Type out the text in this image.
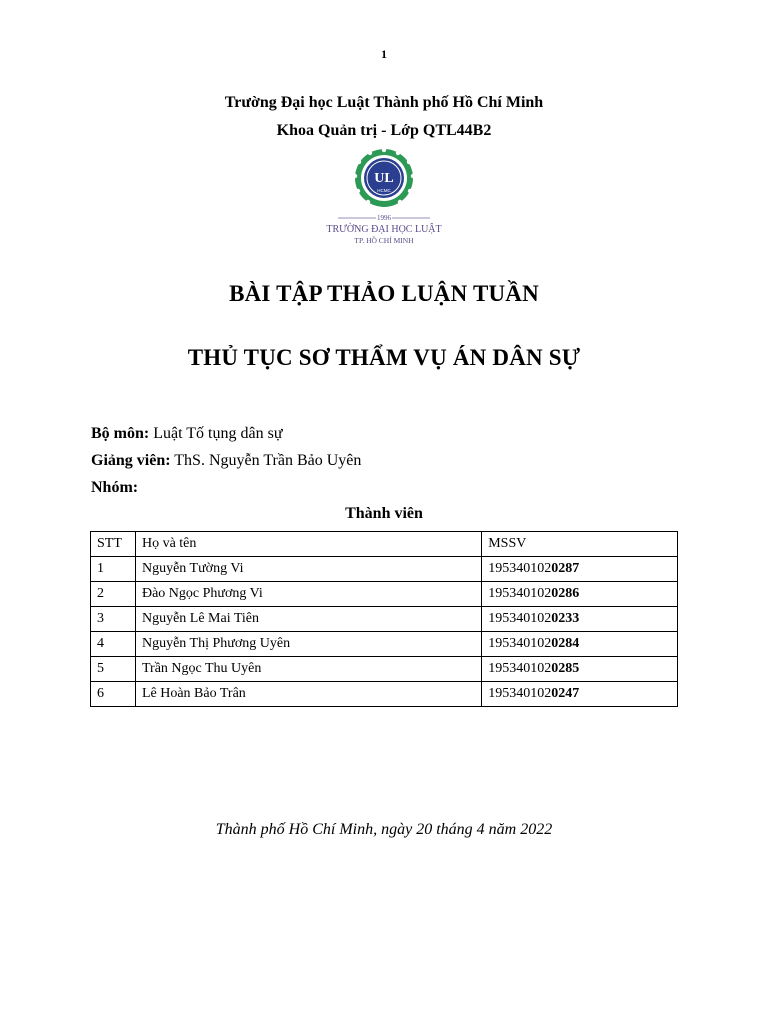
1
Trường Đại học Luật Thành phố Hồ Chí Minh
Khoa Quản trị - Lớp QTL44B2
UL
HCMC
1996
TRƯỜNG ĐẠI HỌC LUẬT
TP. HỒ CHÍ MINH
BÀI TẬP THẢO LUẬN TUẦN
THỦ TỤC SƠ THẨM VỤ ÁN DÂN SỰ
Bộ môn: Luật Tố tụng dân sự
Giảng viên: ThS. Nguyễn Trần Bảo Uyên
Nhóm:
Thành viên
STT	Họ và tên	MSSV
1	Nguyễn Tường Vi	1953401020287
2	Đào Ngọc Phương Vi	1953401020286
3	Nguyễn Lê Mai Tiên	1953401020233
4	Nguyễn Thị Phương Uyên	1953401020284
5	Trần Ngọc Thu Uyên	1953401020285
6	Lê Hoàn Bảo Trân	1953401020247
Thành phố Hồ Chí Minh, ngày 20 tháng 4 năm 2022
